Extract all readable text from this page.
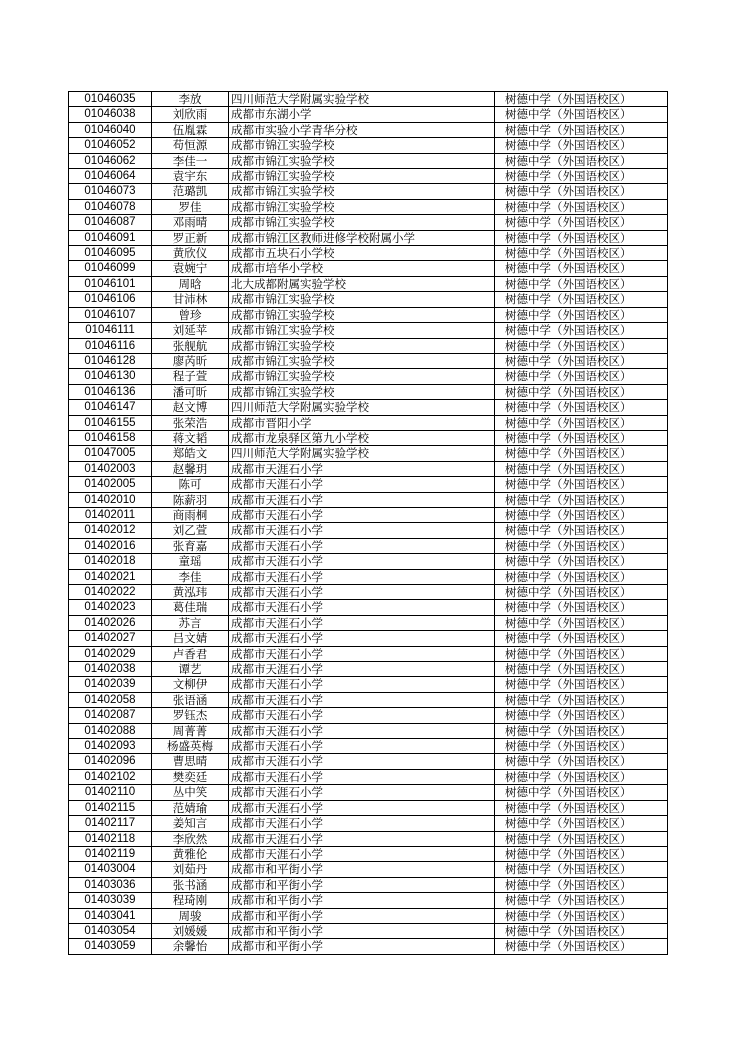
01046035	李放	四川师范大学附属实验学校	树德中学（外国语校区）
01046038	刘欣雨	成都市东湖小学	树德中学（外国语校区）
01046040	伍胤霖	成都市实验小学青华分校	树德中学（外国语校区）
01046052	苟恒源	成都市锦江实验学校	树德中学（外国语校区）
01046062	李佳一	成都市锦江实验学校	树德中学（外国语校区）
01046064	袁宇东	成都市锦江实验学校	树德中学（外国语校区）
01046073	范璐凯	成都市锦江实验学校	树德中学（外国语校区）
01046078	罗佳	成都市锦江实验学校	树德中学（外国语校区）
01046087	邓雨晴	成都市锦江实验学校	树德中学（外国语校区）
01046091	罗正新	成都市锦江区教师进修学校附属小学	树德中学（外国语校区）
01046095	黄欣仪	成都市五块石小学校	树德中学（外国语校区）
01046099	袁婉宁	成都市培华小学校	树德中学（外国语校区）
01046101	周晗	北大成都附属实验学校	树德中学（外国语校区）
01046106	甘沛林	成都市锦江实验学校	树德中学（外国语校区）
01046107	曾珍	成都市锦江实验学校	树德中学（外国语校区）
01046111	刘延苹	成都市锦江实验学校	树德中学（外国语校区）
01046116	张舰航	成都市锦江实验学校	树德中学（外国语校区）
01046128	廖芮昕	成都市锦江实验学校	树德中学（外国语校区）
01046130	程子萱	成都市锦江实验学校	树德中学（外国语校区）
01046136	潘可昕	成都市锦江实验学校	树德中学（外国语校区）
01046147	赵文博	四川师范大学附属实验学校	树德中学（外国语校区）
01046155	张荣浩	成都市晋阳小学	树德中学（外国语校区）
01046158	蒋文韬	成都市龙泉驿区第九小学校	树德中学（外国语校区）
01047005	郑皓文	四川师范大学附属实验学校	树德中学（外国语校区）
01402003	赵馨玥	成都市天涯石小学	树德中学（外国语校区）
01402005	陈可	成都市天涯石小学	树德中学（外国语校区）
01402010	陈薪羽	成都市天涯石小学	树德中学（外国语校区）
01402011	商雨桐	成都市天涯石小学	树德中学（外国语校区）
01402012	刘乙萱	成都市天涯石小学	树德中学（外国语校区）
01402016	张育嘉	成都市天涯石小学	树德中学（外国语校区）
01402018	童瑶	成都市天涯石小学	树德中学（外国语校区）
01402021	李佳	成都市天涯石小学	树德中学（外国语校区）
01402022	黄泓玮	成都市天涯石小学	树德中学（外国语校区）
01402023	葛佳瑞	成都市天涯石小学	树德中学（外国语校区）
01402026	苏言	成都市天涯石小学	树德中学（外国语校区）
01402027	吕文婧	成都市天涯石小学	树德中学（外国语校区）
01402029	卢香君	成都市天涯石小学	树德中学（外国语校区）
01402038	谭艺	成都市天涯石小学	树德中学（外国语校区）
01402039	文柳伊	成都市天涯石小学	树德中学（外国语校区）
01402058	张语涵	成都市天涯石小学	树德中学（外国语校区）
01402087	罗钰杰	成都市天涯石小学	树德中学（外国语校区）
01402088	周菁菁	成都市天涯石小学	树德中学（外国语校区）
01402093	杨盛英梅	成都市天涯石小学	树德中学（外国语校区）
01402096	曹思晴	成都市天涯石小学	树德中学（外国语校区）
01402102	樊奕廷	成都市天涯石小学	树德中学（外国语校区）
01402110	丛中笑	成都市天涯石小学	树德中学（外国语校区）
01402115	范婧瑜	成都市天涯石小学	树德中学（外国语校区）
01402117	姜知言	成都市天涯石小学	树德中学（外国语校区）
01402118	李欣然	成都市天涯石小学	树德中学（外国语校区）
01402119	黄雅伦	成都市天涯石小学	树德中学（外国语校区）
01403004	刘茹丹	成都市和平街小学	树德中学（外国语校区）
01403036	张书涵	成都市和平街小学	树德中学（外国语校区）
01403039	程琦刚	成都市和平街小学	树德中学（外国语校区）
01403041	周骏	成都市和平街小学	树德中学（外国语校区）
01403054	刘媛媛	成都市和平街小学	树德中学（外国语校区）
01403059	余馨怡	成都市和平街小学	树德中学（外国语校区）
